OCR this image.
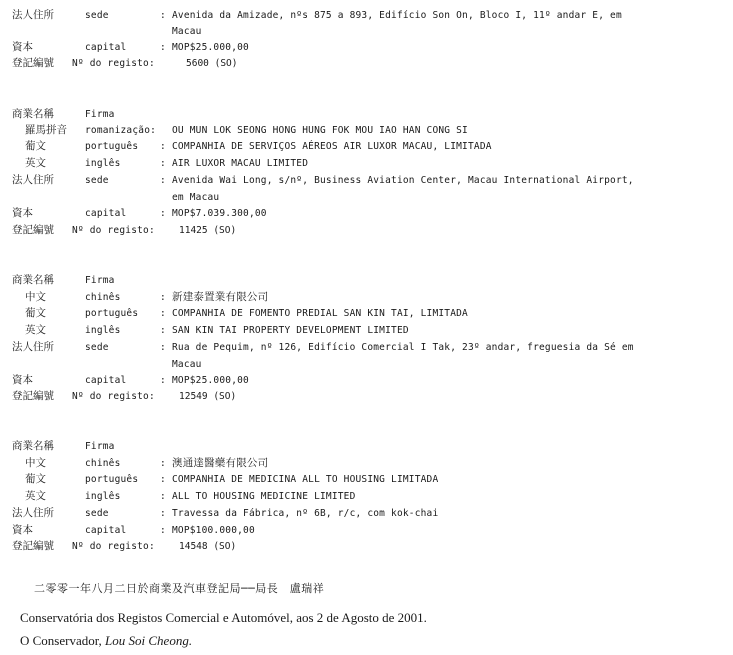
法人住所	sede	: Avenida da Amizade, nºs 875 a 893, Edifício Son On, Bloco I, 11º andar E, em
Macau
資本	capital	: MOP$25.000,00
登記編號 Nº do registo:	5600 (SO)
商業名稱	Firma
羅馬拼音 romanização: OU MUN LOK SEONG HONG HUNG FOK MOU IAO HAN CONG SI
葡文	português : COMPANHIA DE SERVIÇOS AÉREOS AIR LUXOR MACAU, LIMITADA
英文	inglês	: AIR LUXOR MACAU LIMITED
法人住所	sede	: Avenida Wai Long, s/nº, Business Aviation Center, Macau International Airport,
em Macau
資本	capital	: MOP$7.039.300,00
登記編號 Nº do registo:	11425 (SO)
商業名稱	Firma
中文	chinês	: 新建泰置業有限公司
葡文	português : COMPANHIA DE FOMENTO PREDIAL SAN KIN TAI, LIMITADA
英文	inglês	: SAN KIN TAI PROPERTY DEVELOPMENT LIMITED
法人住所	sede	: Rua de Pequim, nº 126, Edifício Comercial I Tak, 23º andar, freguesia da Sé em
Macau
資本	capital	: MOP$25.000,00
登記編號 Nº do registo:	12549 (SO)
商業名稱	Firma
中文	chinês	: 澳通達醫藥有限公司
葡文	português : COMPANHIA DE MEDICINA ALL TO HOUSING LIMITADA
英文	inglês	: ALL TO HOUSING MEDICINE LIMITED
法人住所	sede	: Travessa da Fábrica, nº 6B, r/c, com kok-chai
資本	capital	: MOP$100.000,00
登記編號 Nº do registo:	14548 (SO)
二零零一年八月二日於商業及汽車登記局──局長　盧瑞祥
Conservatória dos Registos Comercial e Automóvel, aos 2 de Agosto de 2001.
O Conservador, Lou Soi Cheong.
